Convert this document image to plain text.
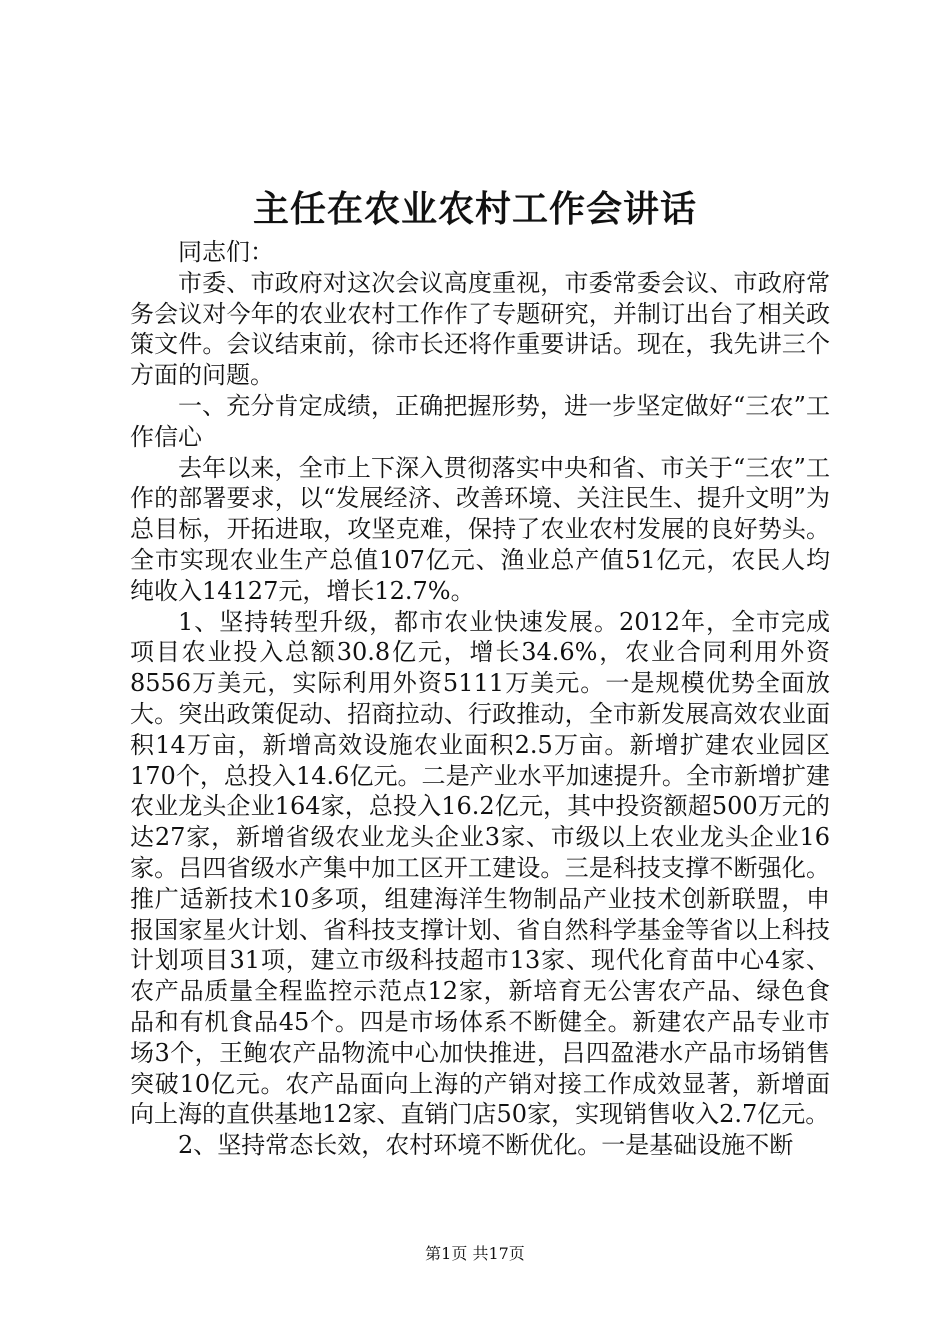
主任在农业农村工作会讲话

同志们：

市委、市政府对这次会议高度重视，市委常委会议、市政府常务会议对今年的农业农村工作作了专题研究，并制订出台了相关政策文件。会议结束前，徐市长还将作重要讲话。现在，我先讲三个方面的问题。

一、充分肯定成绩，正确把握形势，进一步坚定做好“三农”工作信心

去年以来，全市上下深入贯彻落实中央和省、市关于“三农”工作的部署要求，以“发展经济、改善环境、关注民生、提升文明”为总目标，开拓进取，攻坚克难，保持了农业农村发展的良好势头。全市实现农业生产总值107亿元、渔业总产值51亿元，农民人均纯收入14127元，增长12.7%。

1、坚持转型升级，都市农业快速发展。2012年，全市完成项目农业投入总额30.8亿元，增长34.6%，农业合同利用外资8556万美元，实际利用外资5111万美元。一是规模优势全面放大。突出政策促动、招商拉动、行政推动，全市新发展高效农业面积14万亩，新增高效设施农业面积2.5万亩。新增扩建农业园区170个，总投入14.6亿元。二是产业水平加速提升。全市新增扩建农业龙头企业164家，总投入16.2亿元，其中投资额超500万元的达27家，新增省级农业龙头企业3家、市级以上农业龙头企业16家。吕四省级水产集中加工区开工建设。三是科技支撑不断强化。推广适新技术10多项，组建海洋生物制品产业技术创新联盟，申报国家星火计划、省科技支撑计划、省自然科学基金等省以上科技计划项目31项，建立市级科技超市13家、现代化育苗中心4家、农产品质量全程监控示范点12家，新培育无公害农产品、绿色食品和有机食品45个。四是市场体系不断健全。新建农产品专业市场3个，王鲍农产品物流中心加快推进，吕四盈港水产品市场销售突破10亿元。农产品面向上海的产销对接工作成效显著，新增面向上海的直供基地12家、直销门店50家，实现销售收入2.7亿元。

2、坚持常态长效，农村环境不断优化。一是基础设施不断

第1页 共17页
